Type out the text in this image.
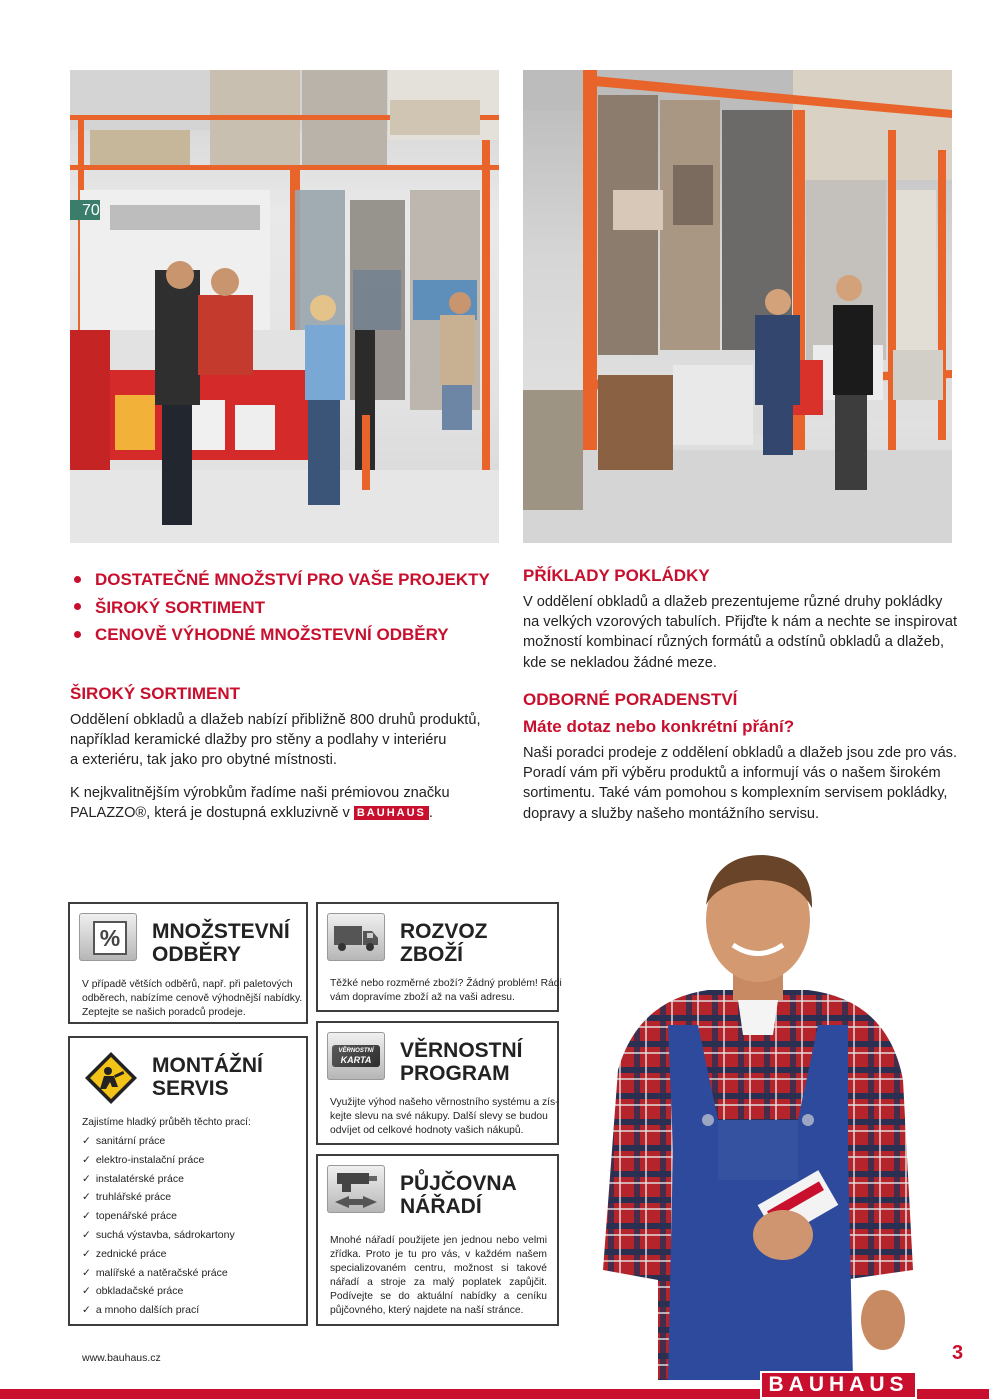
70
DOSTATEČNÉ MNOŽSTVÍ PRO VAŠE PROJEKTY
ŠIROKÝ SORTIMENT
CENOVĚ VÝHODNÉ MNOŽSTEVNÍ ODBĚRY
ŠIROKÝ SORTIMENT

Oddělení obkladů a dlažeb nabízí přibližně 800 druhů produktů,

například keramické dlažby pro stěny a podlahy v interiéru

a exteriéru, tak jako pro obytné místnosti.

K nejkvalitnějším výrobkům řadíme naši prémiovou značku

PALAZZO®, která je dostupná exkluzivně v BAUHAUS .

PŘÍKLADY POKLÁDKY

V oddělení obkladů a dlažeb prezentujeme různé druhy pokládky

na velkých vzorových tabulích. Přijďte k nám a nechte se inspirovat

možností kombinací různých formátů a odstínů obkladů a dlažeb,

kde se nekladou žádné meze.

ODBORNÉ PORADENSTVÍ
Máte dotaz nebo konkrétní přání?

Naši poradci prodeje z oddělení obkladů a dlažeb jsou zde pro vás.

Poradí vám při výběru produktů a informují vás o našem širokém

sortimentu. Také vám pomohou s komplexním servisem pokládky,

dopravy a služby našeho montážního servisu.

%	MNOŽSTEVNÍ
ODBĚRY
V případě větších odběrů, např. při paletových
odběrech, nabízíme cenově výhodnější nabídky.
Zeptejte se našich poradců prodeje.
ROZVOZ
ZBOŽÍ
Těžké nebo rozměrné zboží? Žádný problém! Rádi
vám dopravíme zboží až na vaši adresu.
MONTÁŽNÍ
SERVIS
Zajistíme hladký průběh těchto prací:
✓ sanitární práce
✓ elektro-instalační práce
✓ instalatérské práce
✓ truhlářské práce
✓ topenářské práce
✓ suchá výstavba, sádrokartony
✓ zednické práce
✓ malířské a natěračské práce
✓ obkladačské práce
✓ a mnoho dalších prací
VĚRNOSTNÍ
KARTA	VĚRNOSTNÍ
PROGRAM
Využijte výhod našeho věrnostního systému a zís-
kejte slevu na své nákupy. Další slevy se budou
odvíjet od celkové hodnoty vašich nákupů.
PŮJČOVNA
NÁŘADÍ
Mnohé nářadí použijete jen jednou nebo velmi zřídka. Proto je tu pro vás, v každém našem specializovaném centru, možnost si takové nářadí a stroje za malý poplatek zapůjčit. Podívejte se do aktuální nabídky a ceníku půjčovného, který najdete na naší stránce.
www.bauhaus.cz	3
BAUHAUS
